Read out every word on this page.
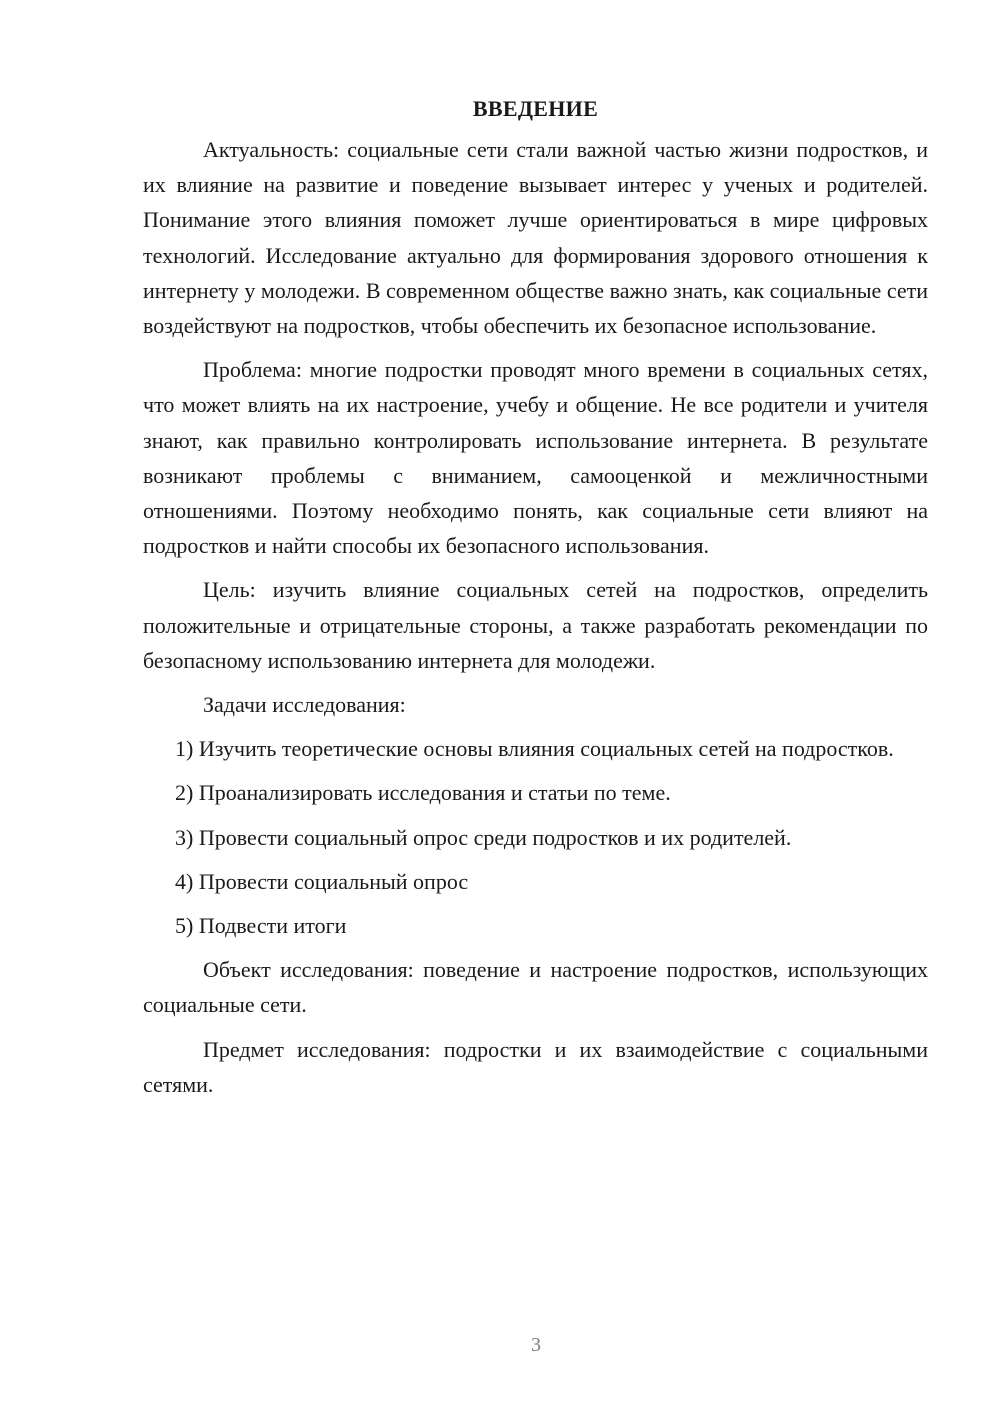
ВВЕДЕНИЕ

Актуальность: социальные сети стали важной частью жизни подростков, и их влияние на развитие и поведение вызывает интерес у ученых и родителей. Понимание этого влияния поможет лучше ориентироваться в мире цифровых технологий. Исследование актуально для формирования здорового отношения к интернету у молодежи. В современном обществе важно знать, как социальные сети воздействуют на подростков, чтобы обеспечить их безопасное использование.

Проблема: многие подростки проводят много времени в социальных сетях, что может влиять на их настроение, учебу и общение. Не все родители и учителя знают, как правильно контролировать использование интернета. В результате возникают проблемы с вниманием, самооценкой и межличностными отношениями. Поэтому необходимо понять, как социальные сети влияют на подростков и найти способы их безопасного использования.

Цель: изучить влияние социальных сетей на подростков, определить положительные и отрицательные стороны, а также разработать рекомендации по безопасному использованию интернета для молодежи.

Задачи исследования:

1) Изучить теоретические основы влияния социальных сетей на подростков.

2) Проанализировать исследования и статьи по теме.

3) Провести социальный опрос среди подростков и их родителей.

4) Провести социальный опрос

5) Подвести итоги

Объект исследования: поведение и настроение подростков, использующих социальные сети.

Предмет исследования: подростки и их взаимодействие с социальными сетями.

3
